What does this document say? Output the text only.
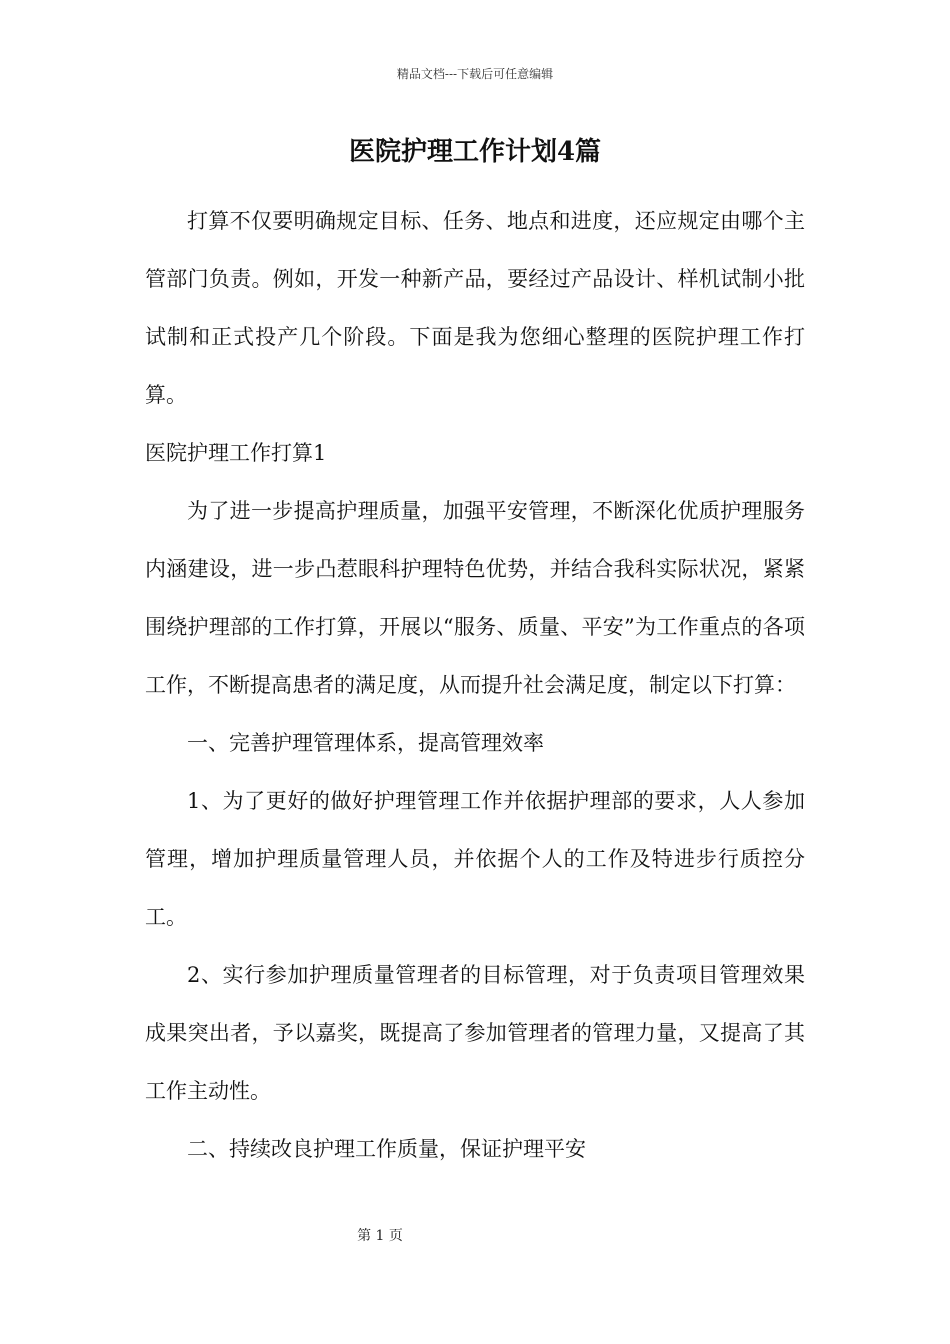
精品文档---下载后可任意编辑
医院护理工作计划4篇

打算不仅要明确规定目标、任务、地点和进度，还应规定由哪个主管部门负责。例如，开发一种新产品，要经过产品设计、样机试制小批试制和正式投产几个阶段。下面是我为您细心整理的医院护理工作打算。

医院护理工作打算1

为了进一步提高护理质量，加强平安管理，不断深化优质护理服务内涵建设，进一步凸惹眼科护理特色优势，并结合我科实际状况，紧紧围绕护理部的工作打算，开展以“服务、质量、平安”为工作重点的各项工作，不断提高患者的满足度，从而提升社会满足度，制定以下打算：

一、完善护理管理体系，提高管理效率

1、为了更好的做好护理管理工作并依据护理部的要求，人人参加管理，增加护理质量管理人员，并依据个人的工作及特进步行质控分工。

2、实行参加护理质量管理者的目标管理，对于负责项目管理效果成果突出者，予以嘉奖，既提高了参加管理者的管理力量，又提高了其工作主动性。

二、持续改良护理工作质量，保证护理平安

第 1 页
